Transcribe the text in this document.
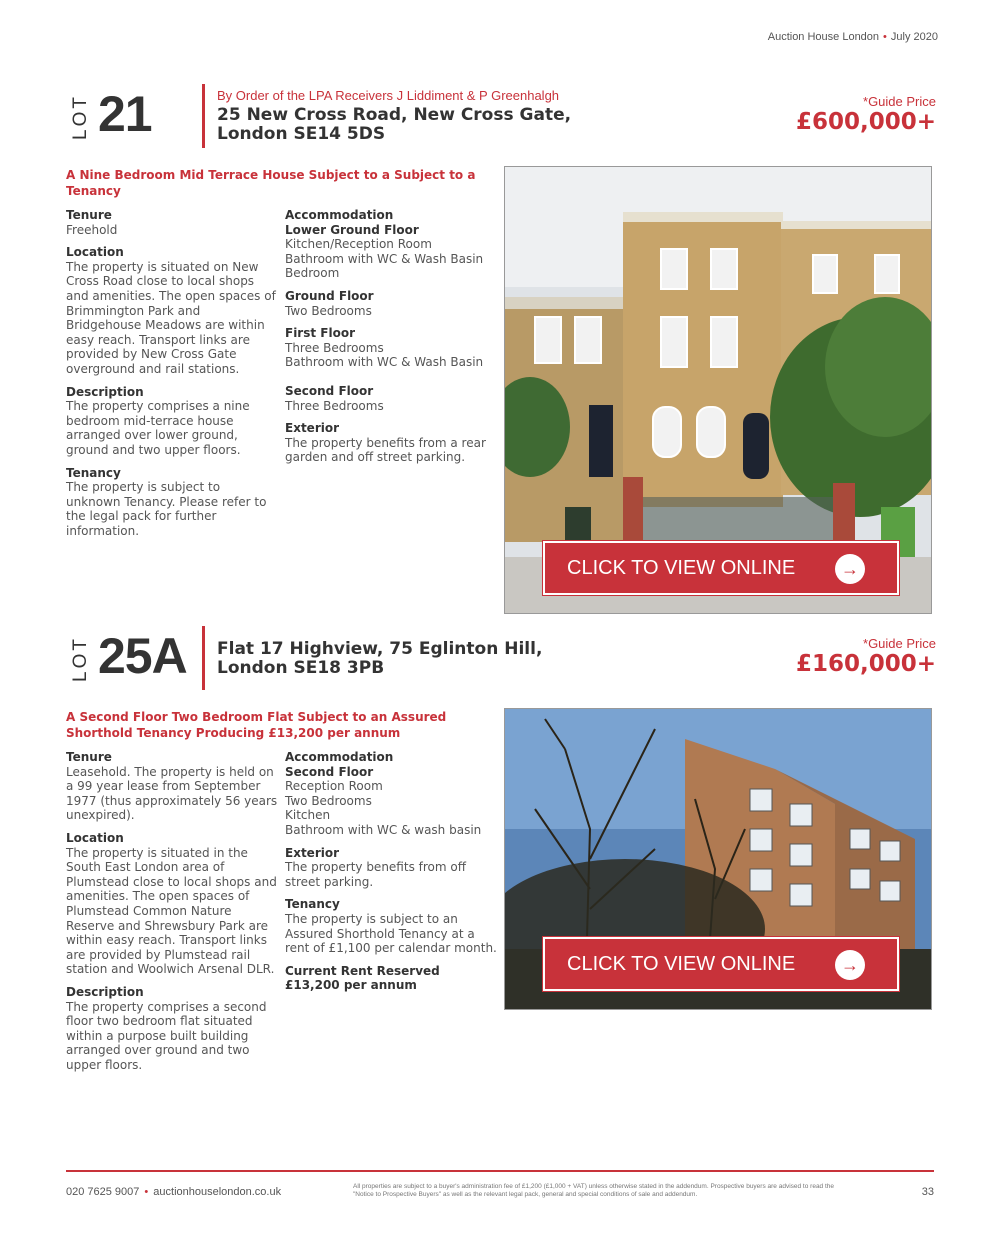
Auction House London • July 2020
LOT 21	By Order of the LPA Receivers J Liddiment & P Greenhalgh
25 New Cross Road, New Cross Gate, London SE14 5DS
*Guide Price
£600,000+
A Nine Bedroom Mid Terrace House Subject to a Subject to a Tenancy
Tenure

Freehold

Location

The property is situated on New Cross Road close to local shops and amenities. The open spaces of Brimmington Park and Bridgehouse Meadows are within easy reach. Transport links are provided by New Cross Gate overground and rail stations.

Description

The property comprises a nine bedroom mid-terrace house arranged over lower ground, ground and two upper floors.

Tenancy

The property is subject to unknown Tenancy. Please refer to the legal pack for further information.

Accommodation
Lower Ground Floor

Kitchen/Reception Room
Bathroom with WC & Wash Basin
Bedroom

Ground Floor

Two Bedrooms

First Floor

Three Bedrooms
Bathroom with WC & Wash Basin

Second Floor

Three Bedrooms

Exterior

The property benefits from a rear garden and off street parking.

CLICK TO VIEW ONLINE	→
LOT 25A Flat 17 Highview, 75 Eglinton Hill, London SE18 3PB
*Guide Price
£160,000+
A Second Floor Two Bedroom Flat Subject to an Assured Shorthold Tenancy Producing £13,200 per annum
Tenure

Leasehold. The property is held on a 99 year lease from September 1977 (thus approximately 56 years unexpired).

Location

The property is situated in the South East London area of Plumstead close to local shops and amenities. The open spaces of Plumstead Common Nature Reserve and Shrewsbury Park are within easy reach. Transport links are provided by Plumstead rail station and Woolwich Arsenal DLR.

Description

The property comprises a second floor two bedroom flat situated within a purpose built building arranged over ground and two upper floors.

Accommodation
Second Floor

Reception Room
Two Bedrooms
Kitchen
Bathroom with WC & wash basin

Exterior

The property benefits from off street parking.

Tenancy

The property is subject to an Assured Shorthold Tenancy at a rent of £1,100 per calendar month.

Current Rent Reserved £13,200 per annum
CLICK TO VIEW ONLINE	→
020 7625 9007 • auctionhouselondon.co.uk	All properties are subject to a buyer's administration fee of £1,200 (£1,000 + VAT) unless otherwise stated in the addendum. Prospective buyers are advised to read the "Notice to Prospective Buyers" as well as the relevant legal pack, general and special conditions of sale and addendum.	33
